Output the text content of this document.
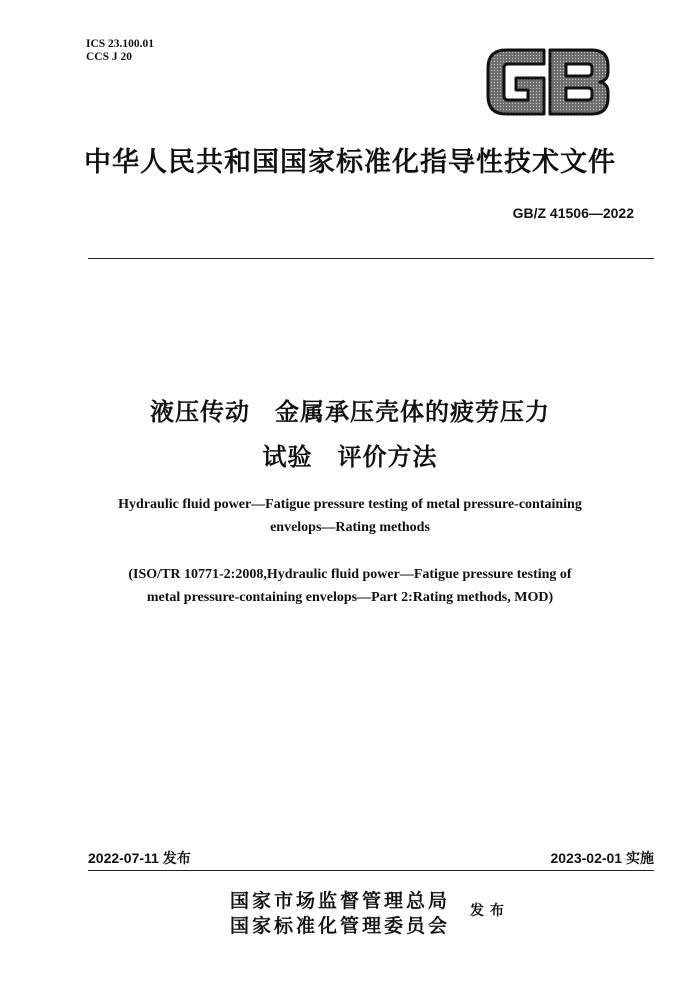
ICS 23.100.01
CCS J 20
中华人民共和国国家标准化指导性技术文件
GB/Z 41506—2022
液压传动　金属承压壳体的疲劳压力
试验　评价方法
Hydraulic fluid power—Fatigue pressure testing of metal pressure-containing
envelops—Rating methods
(ISO/TR 10771-2:2008,Hydraulic fluid power—Fatigue pressure testing of
metal pressure-containing envelops—Part 2:Rating methods, MOD)
2022-07-11 发布	2023-02-01 实施
国家市场监督管理总局
国家标准化管理委员会
发布
